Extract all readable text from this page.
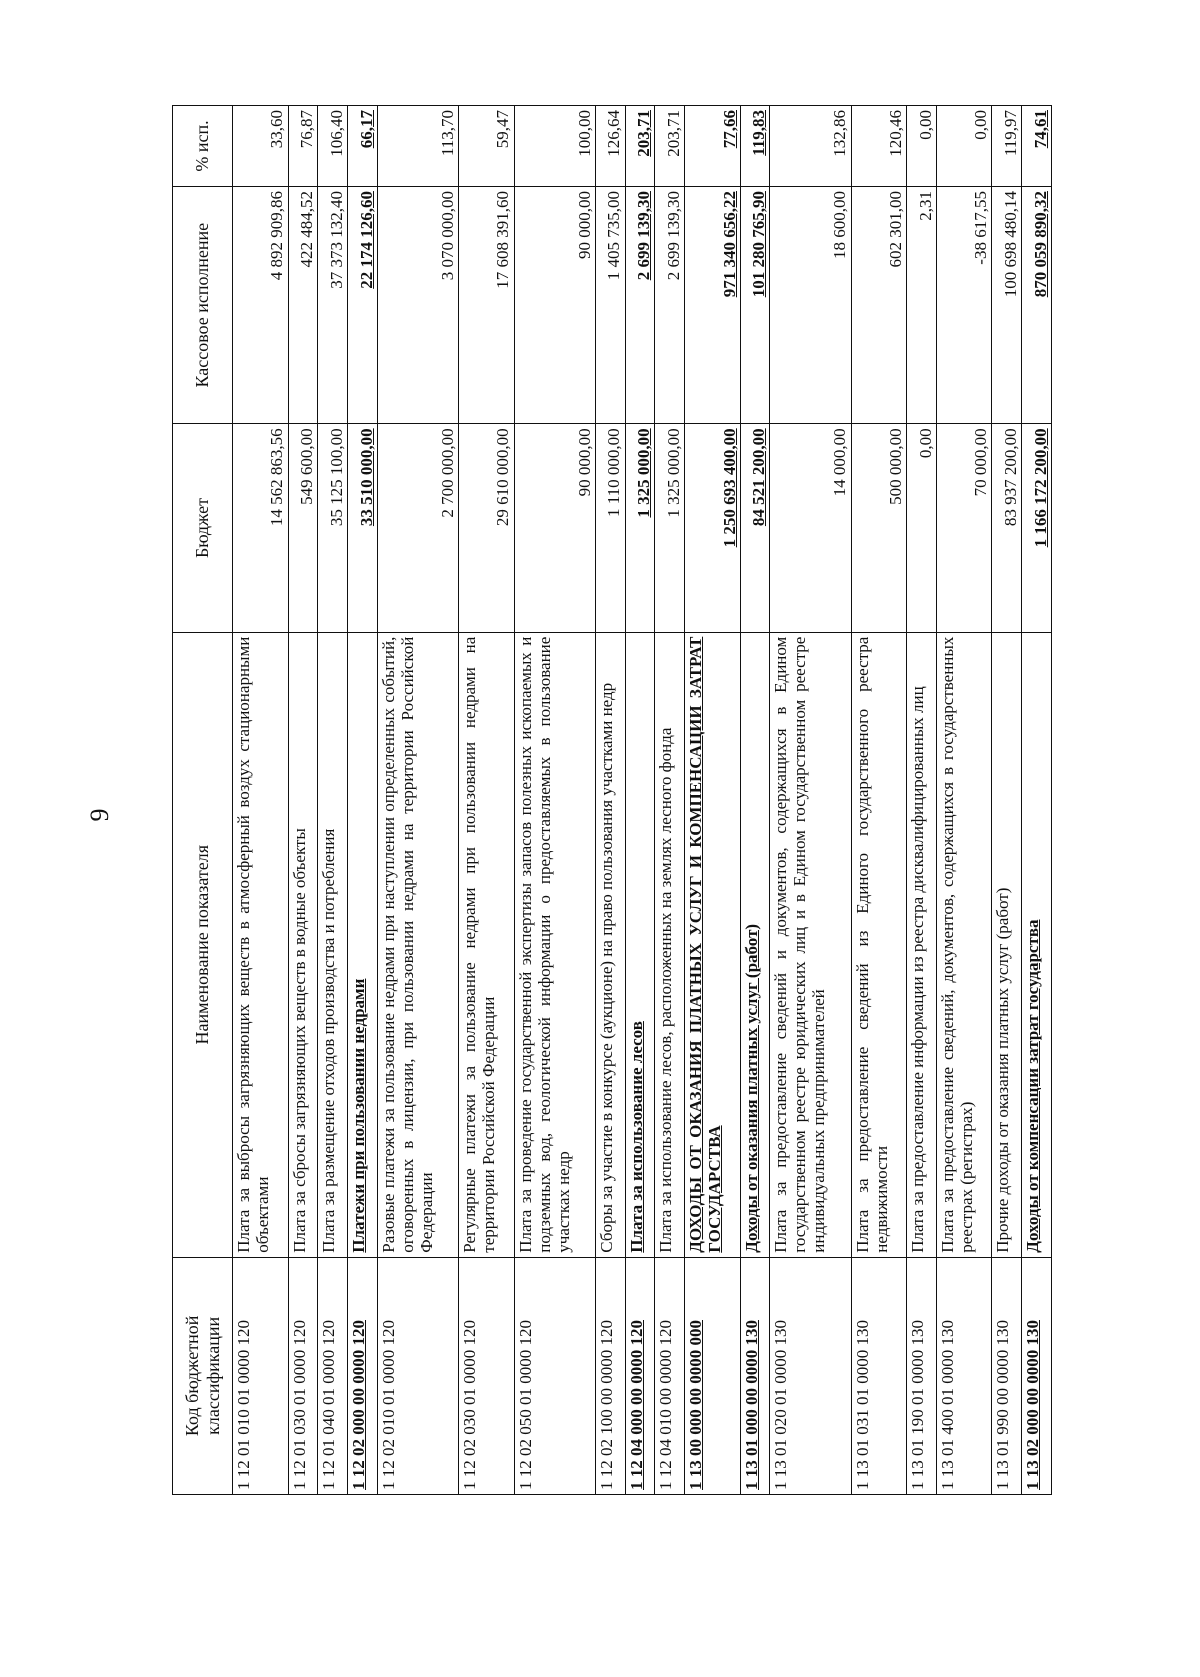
9
Код бюджетной классификации	Наименование показателя	Бюджет	Кассовое исполнение	% исп.
1 12 01 010 01 0000 120	Плата за выбросы загрязняющих веществ в атмосферный воздух стационарными объектами	14 562 863,56	4 892 909,86	33,60
1 12 01 030 01 0000 120	Плата за сбросы загрязняющих веществ в водные объекты	549 600,00	422 484,52	76,87
1 12 01 040 01 0000 120	Плата за размещение отходов производства и потребления	35 125 100,00	37 373 132,40	106,40
1 12 02 000 00 0000 120	Платежи при пользовании недрами	33 510 000,00	22 174 126,60	66,17
1 12 02 010 01 0000 120	Разовые платежи за пользование недрами при наступлении определенных событий, оговоренных в лицензии, при пользовании недрами на территории Российской Федерации	2 700 000,00	3 070 000,00	113,70
1 12 02 030 01 0000 120	Регулярные платежи за пользование недрами при пользовании недрами на территории Российской Федерации	29 610 000,00	17 608 391,60	59,47
1 12 02 050 01 0000 120	Плата за проведение государственной экспертизы запасов полезных ископаемых и подземных вод, геологической информации о предоставляемых в пользование участках недр	90 000,00	90 000,00	100,00
1 12 02 100 00 0000 120	Сборы за участие в конкурсе (аукционе) на право пользования участками недр	1 110 000,00	1 405 735,00	126,64
1 12 04 000 00 0000 120	Плата за использование лесов	1 325 000,00	2 699 139,30	203,71
1 12 04 010 00 0000 120	Плата за использование лесов, расположенных на землях лесного фонда	1 325 000,00	2 699 139,30	203,71
1 13 00 000 00 0000 000	ДОХОДЫ ОТ ОКАЗАНИЯ ПЛАТНЫХ УСЛУГ И КОМПЕНСАЦИИ ЗАТРАТ ГОСУДАРСТВА	1 250 693 400,00	971 340 656,22	77,66
1 13 01 000 00 0000 130	Доходы от оказания платных услуг (работ)	84 521 200,00	101 280 765,90	119,83
1 13 01 020 01 0000 130	Плата за предоставление сведений и документов, содержащихся в Едином государственном реестре юридических лиц и в Едином государственном реестре индивидуальных предпринимателей	14 000,00	18 600,00	132,86
1 13 01 031 01 0000 130	Плата за предоставление сведений из Единого государственного реестра недвижимости	500 000,00	602 301,00	120,46
1 13 01 190 01 0000 130	Плата за предоставление информации из реестра дисквалифицированных лиц	0,00	2,31	0,00
1 13 01 400 01 0000 130	Плата за предоставление сведений, документов, содержащихся в государственных реестрах (регистрах)	70 000,00	-38 617,55	0,00
1 13 01 990 00 0000 130	Прочие доходы от оказания платных услуг (работ)	83 937 200,00	100 698 480,14	119,97
1 13 02 000 00 0000 130	Доходы от компенсации затрат государства	1 166 172 200,00	870 059 890,32	74,61
